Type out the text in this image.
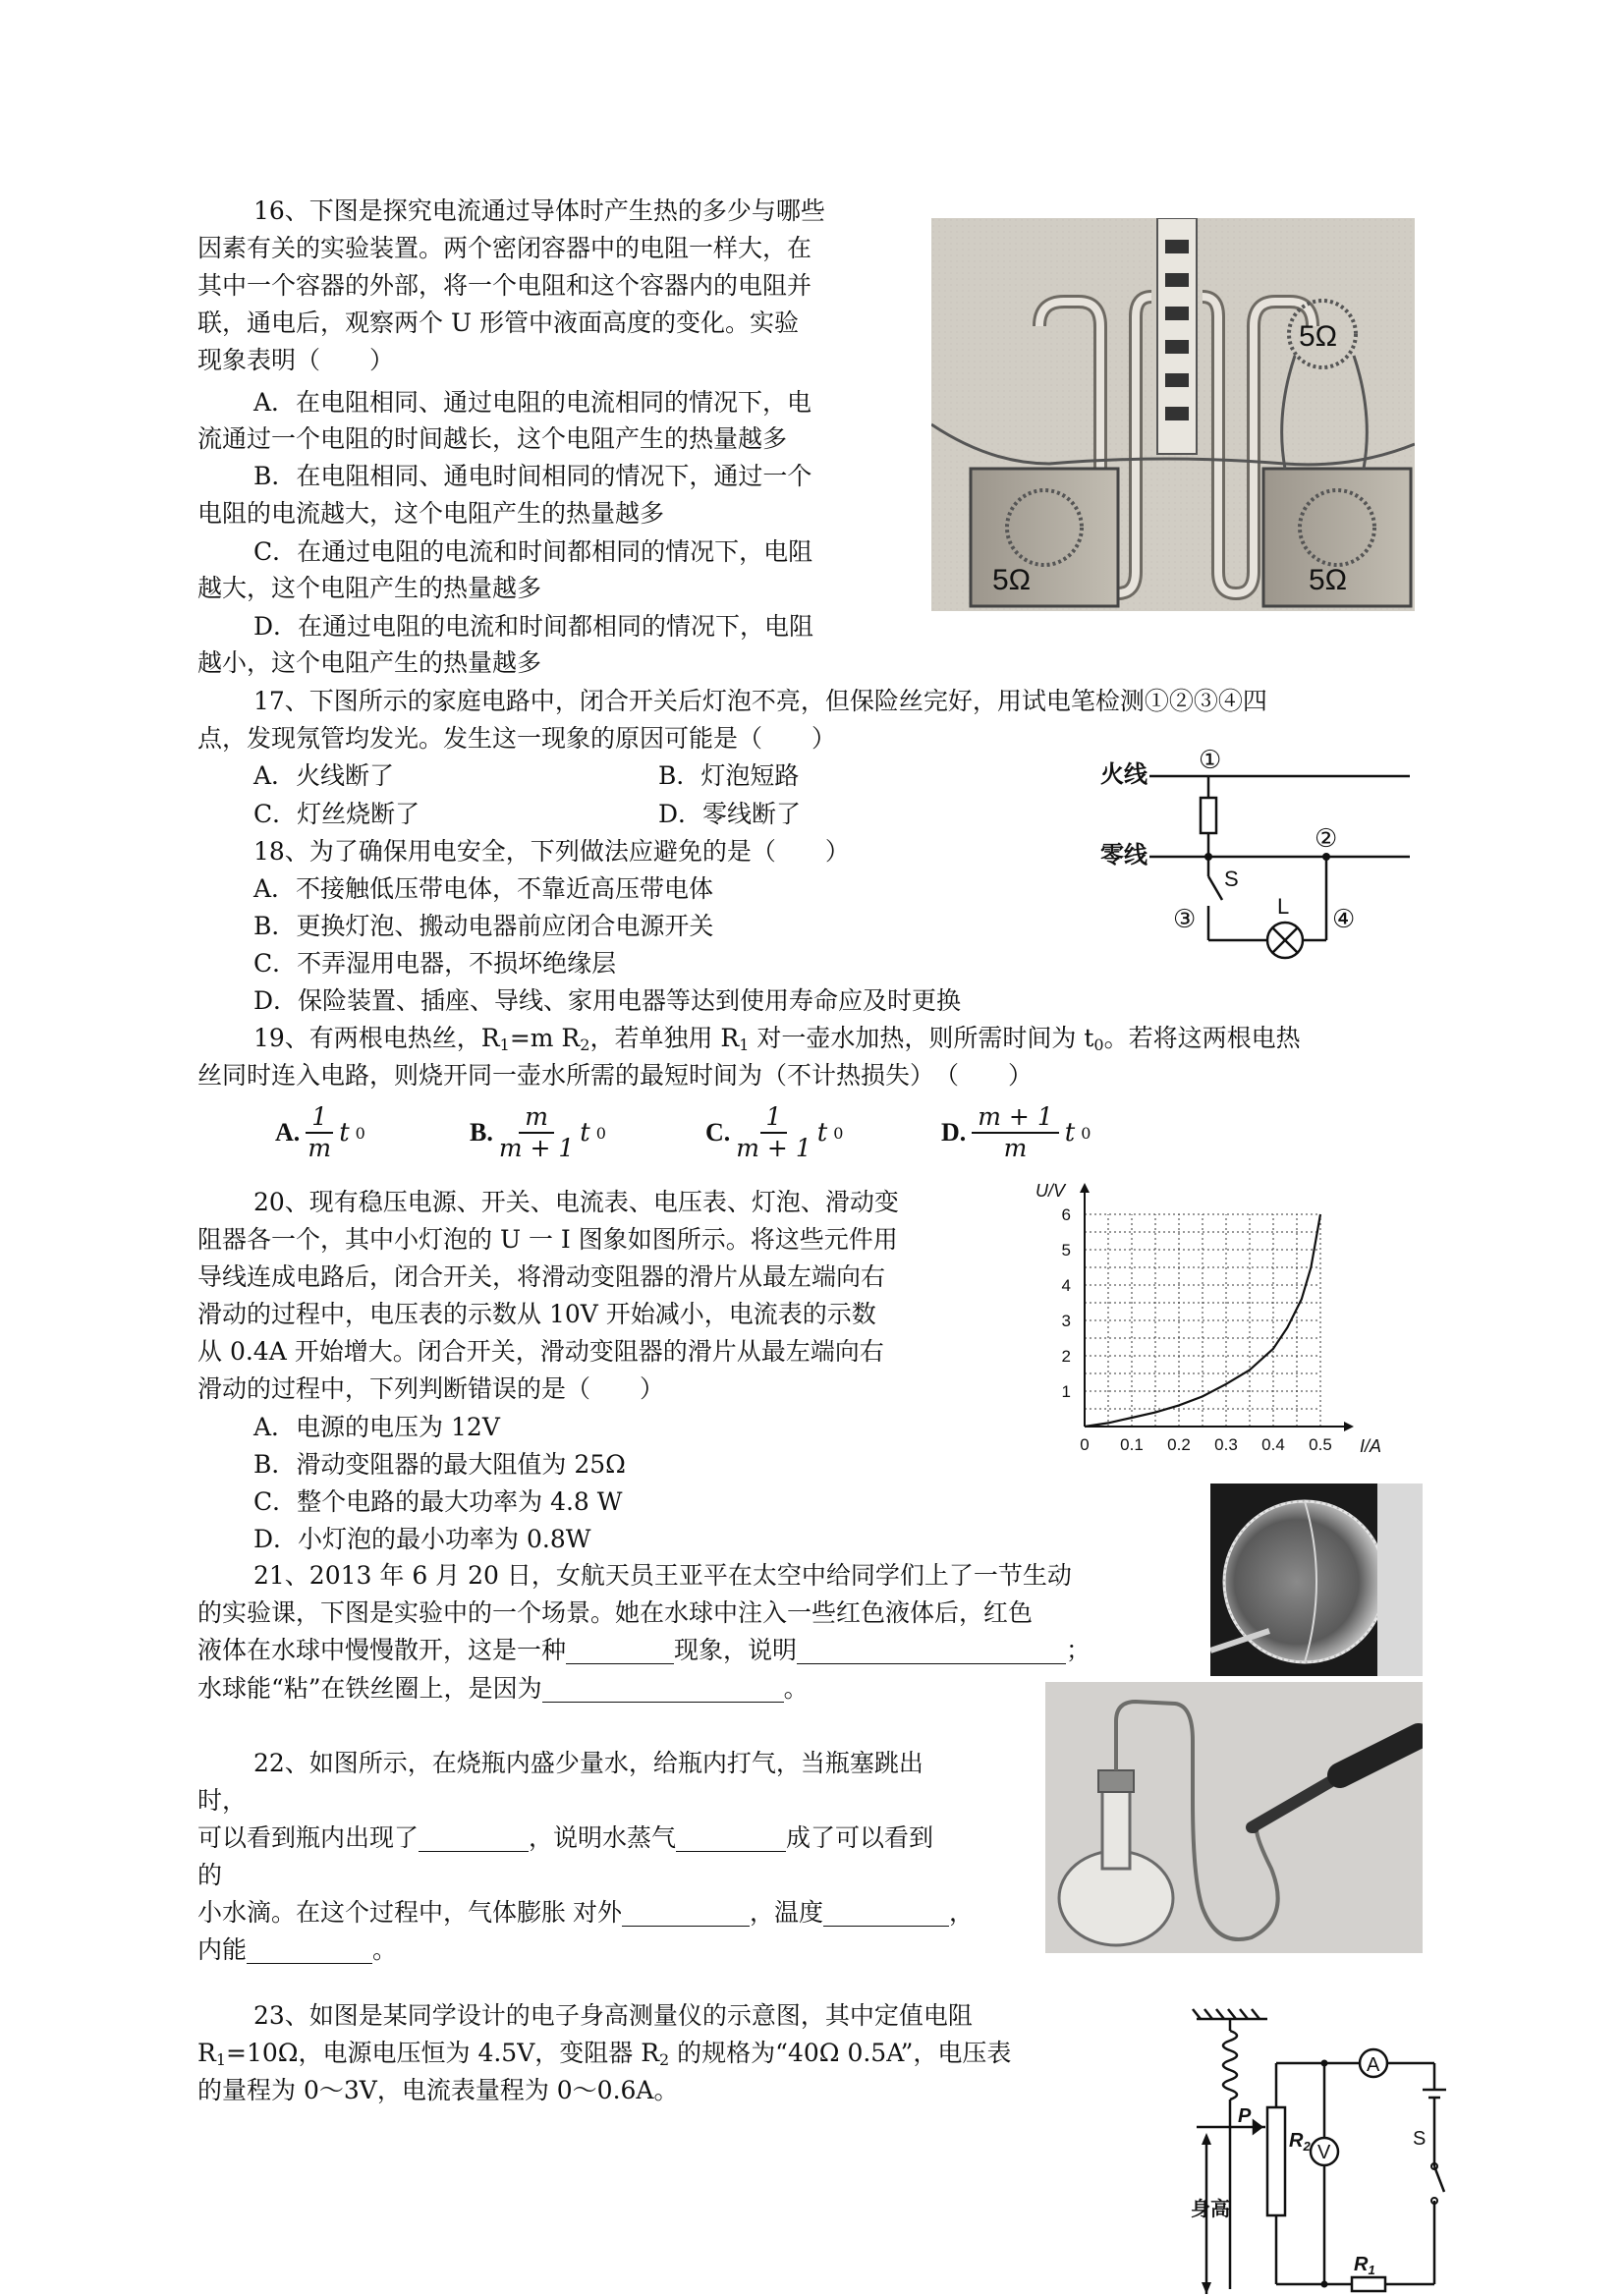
16、下图是探究电流通过导体时产生热的多少与哪些
因素有关的实验装置。两个密闭容器中的电阻一样大，在
其中一个容器的外部，将一个电阻和这个容器内的电阻并
联，通电后，观察两个 U 形管中液面高度的变化。实验
现象表明（　　）
A．在电阻相同、通过电阻的电流相同的情况下，电
流通过一个电阻的时间越长，这个电阻产生的热量越多
B．在电阻相同、通电时间相同的情况下，通过一个
电阻的电流越大，这个电阻产生的热量越多
C．在通过电阻的电流和时间都相同的情况下，电阻
越大，这个电阻产生的热量越多
D．在通过电阻的电流和时间都相同的情况下，电阻
越小，这个电阻产生的热量越多
5Ω	5Ω
5Ω
17、下图所示的家庭电路中，闭合开关后灯泡不亮，但保险丝完好，用试电笔检测①②③④四
点，发现氖管均发光。发生这一现象的原因可能是（　　）
A．火线断了	B．灯泡短路
C．灯丝烧断了	D．零线断了
火线
零线
①
②
③	④
S
L
18、为了确保用电安全，下列做法应避免的是（　　）
A．不接触低压带电体，不靠近高压带电体
B．更换灯泡、搬动电器前应闭合电源开关
C．不弄湿用电器，不损坏绝缘层
D．保险装置、插座、导线、家用电器等达到使用寿命应及时更换
19、有两根电热丝，$R_1=m$ $R_2$，若单独用 $R_1$ 对一壶水加热，则所需时间为 $t_0$。若将这两根电热
丝同时连入电路，则烧开同一壶水所需的最短时间为（不计热损失）　（　　）
A. $\frac{1}{m}$ t 0	B. $\frac{m}{m + 1}$ t 0	C. $\frac{1}{m + 1}$ t 0	D. $\frac{m + 1}{m}$ t 0
20、现有稳压电源、开关、电流表、电压表、灯泡、滑动变
阻器各一个，其中小灯泡的 U 一 I 图象如图所示。将这些元件用
导线连成电路后，闭合开关，将滑动变阻器的滑片从最左端向右
滑动的过程中，电压表的示数从 10V 开始减小，电流表的示数
从 0.4A 开始增大。闭合开关，滑动变阻器的滑片从最左端向右
滑动的过程中，下列判断错误的是（　　）
A．电源的电压为 12V
B．滑动变阻器的最大阻值为 25Ω
C．整个电路的最大功率为 4.8 W
D．小灯泡的最小功率为 0.8W
0 0.1 0.2 0.3 0.4 0.5
1
2
3
4
5
6
I/A
U/V
21、2013 年 6 月 20 日，女航天员王亚平在太空中给同学们上了一节生动
的实验课，下图是实验中的一个场景。她在水球中注入一些红色液体后，红色
液体在水球中慢慢散开，这是一种	现象，说明	；
水球能“粘”在铁丝圈上，是因为	。
22、如图所示，在烧瓶内盛少量水，给瓶内打气，当瓶塞跳出
时，
可以看到瓶内出现了	，说明水蒸气	成了可以看到
的
小水滴。在这个过程中，气体膨胀 对外	，温度	，
内能	。
23、如图是某同学设计的电子身高测量仪的示意图，其中定值电阻
$R_1=10\Omega$，电源电压恒为 4.5V，变阻器 $R_2$ 的规格为“40Ω 0.5A”，电压表
的量程为 0～3V，电流表量程为 0～0.6A。
A
V
S
P
$R_2$
$R_1$
身高
